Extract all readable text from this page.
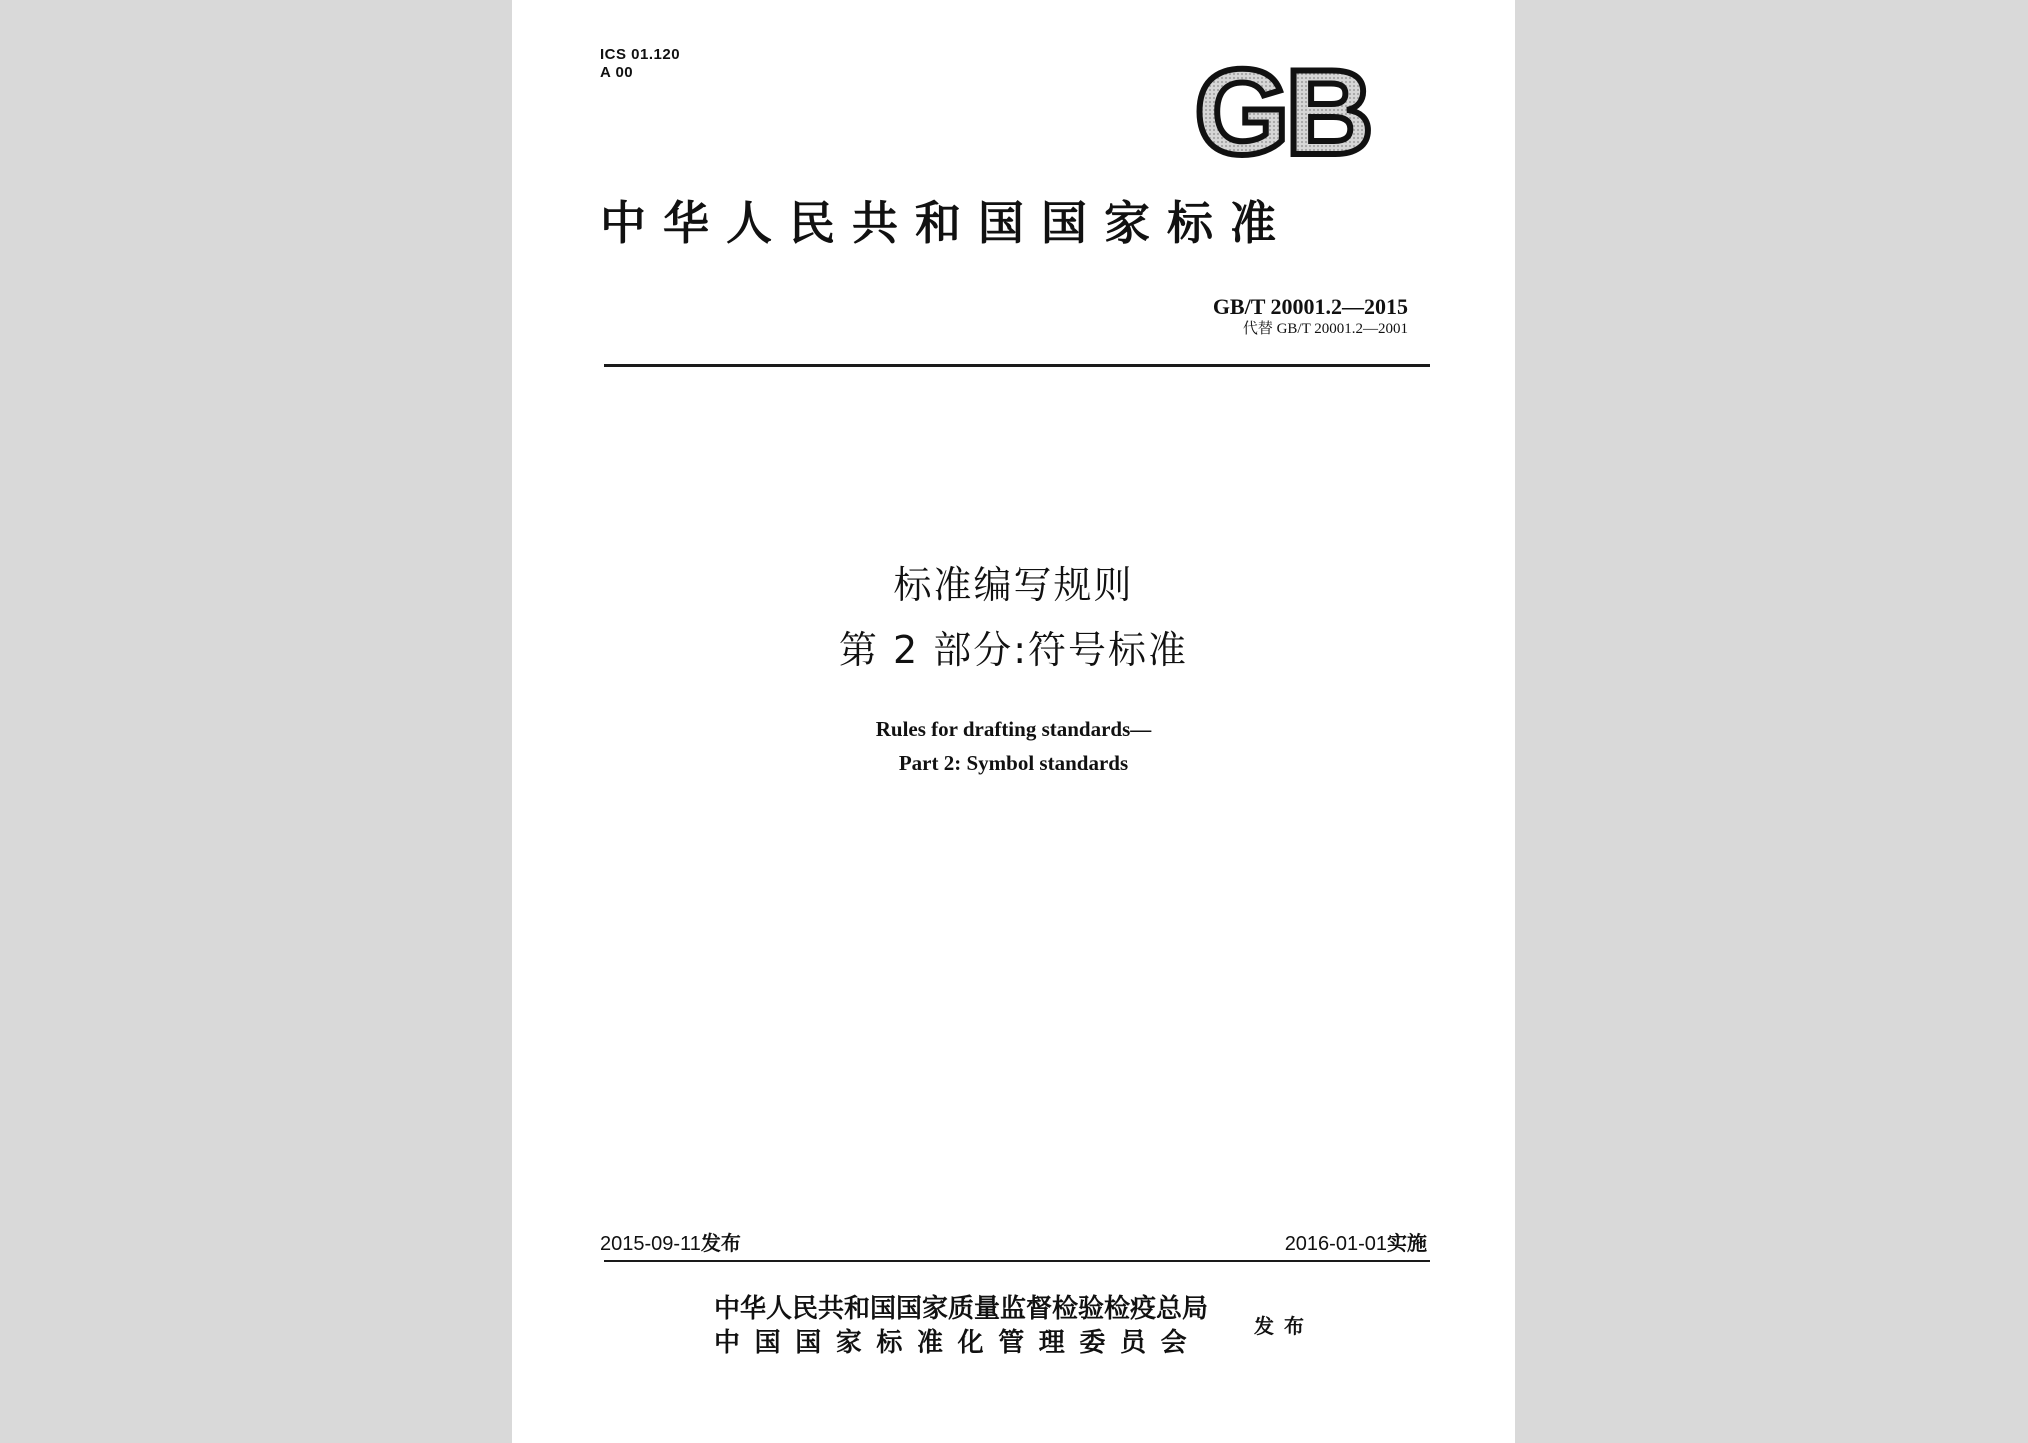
ICS 01.120
A 00	GB
中华人民共和国国家标准
GB/T 20001.2—2015
代替 GB/T 20001.2—2001
标准编写规则
第 2 部分:符号标准
Rules for drafting standards—
Part 2: Symbol standards
2015-09-11发布	2016-01-01实施
中华人民共和国国家质量监督检验检疫总局
中国国家标准化管理委员会
发布
